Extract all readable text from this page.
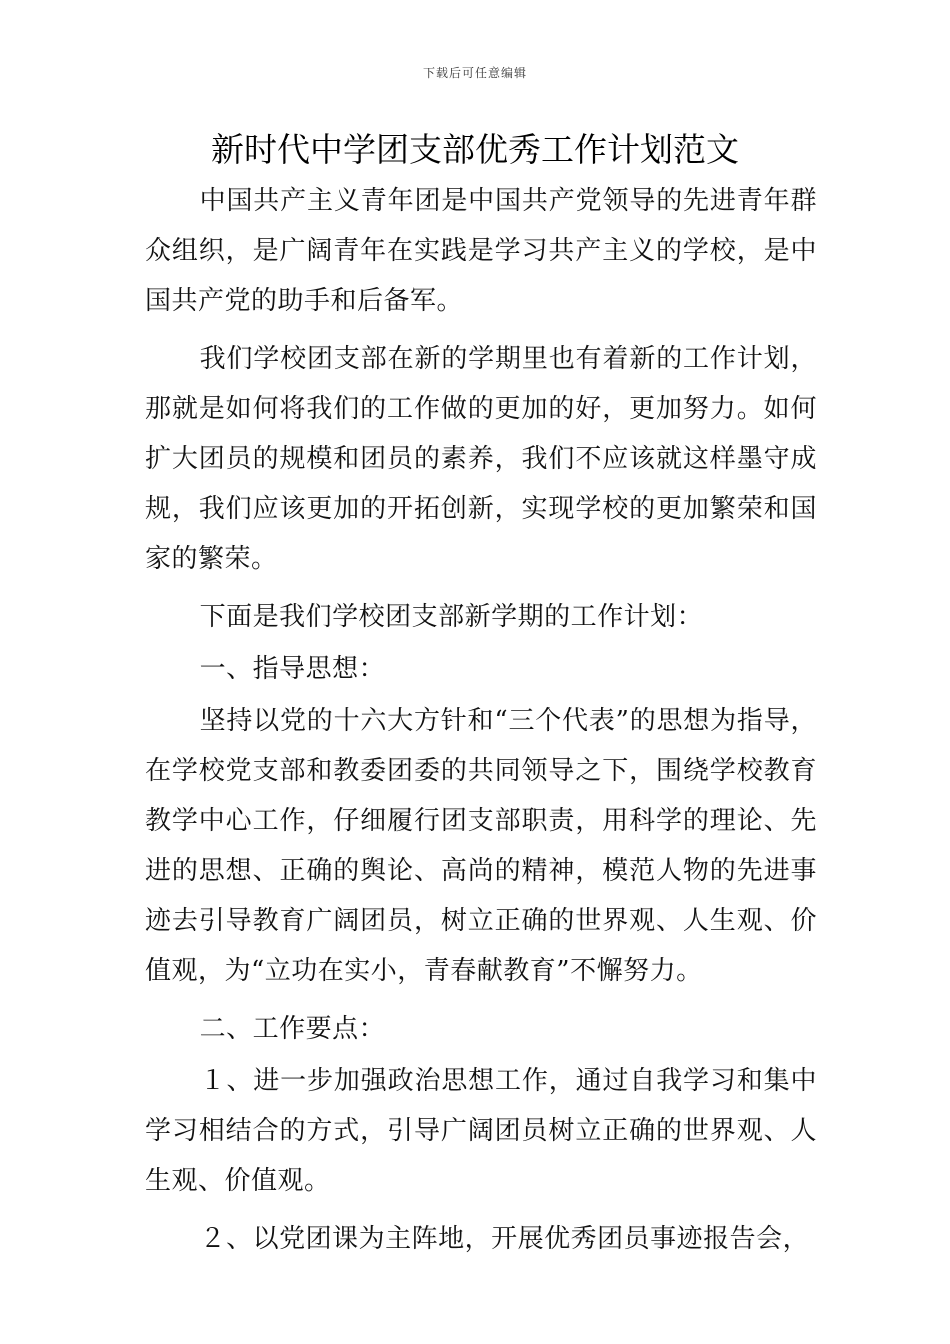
下载后可任意编辑
新时代中学团支部优秀工作计划范文

中国共产主义青年团是中国共产党领导的先进青年群众组织，是广阔青年在实践是学习共产主义的学校，是中国共产党的助手和后备军。

我们学校团支部在新的学期里也有着新的工作计划，那就是如何将我们的工作做的更加的好，更加努力。如何扩大团员的规模和团员的素养，我们不应该就这样墨守成规，我们应该更加的开拓创新，实现学校的更加繁荣和国家的繁荣。

下面是我们学校团支部新学期的工作计划：

一、指导思想：

坚持以党的十六大方针和“三个代表”的思想为指导，在学校党支部和教委团委的共同领导之下，围绕学校教育教学中心工作，仔细履行团支部职责，用科学的理论、先进的思想、正确的舆论、高尚的精神，模范人物的先进事迹去引导教育广阔团员，树立正确的世界观、人生观、价值观，为“立功在实小，青春献教育”不懈努力。

二、工作要点：

１、进一步加强政治思想工作，通过自我学习和集中学习相结合的方式，引导广阔团员树立正确的世界观、人生观、价值观。

２、以党团课为主阵地，开展优秀团员事迹报告会，
